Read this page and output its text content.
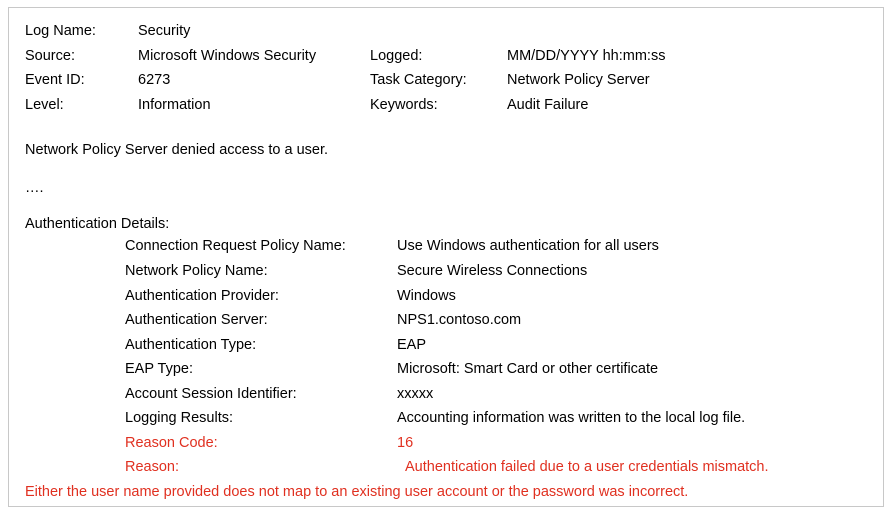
Log Name:	Security
Source:	Microsoft Windows Security	Logged:	MM/DD/YYYY hh:mm:ss
Event ID:	6273	Task Category:	Network Policy Server
Level:	Information	Keywords:	Audit Failure
Network Policy Server denied access to a user.
….
Authentication Details:
Connection Request Policy Name:	Use Windows authentication for all users
Network Policy Name:	Secure Wireless Connections
Authentication Provider:	Windows
Authentication Server:	NPS1.contoso.com
Authentication Type:	EAP
EAP Type:	Microsoft: Smart Card or other certificate
Account Session Identifier:	xxxxx
Logging Results:	Accounting information was written to the local log file.
Reason Code:	16
Reason:	Authentication failed due to a user credentials mismatch.
Either the user name provided does not map to an existing user account or the password was incorrect.
